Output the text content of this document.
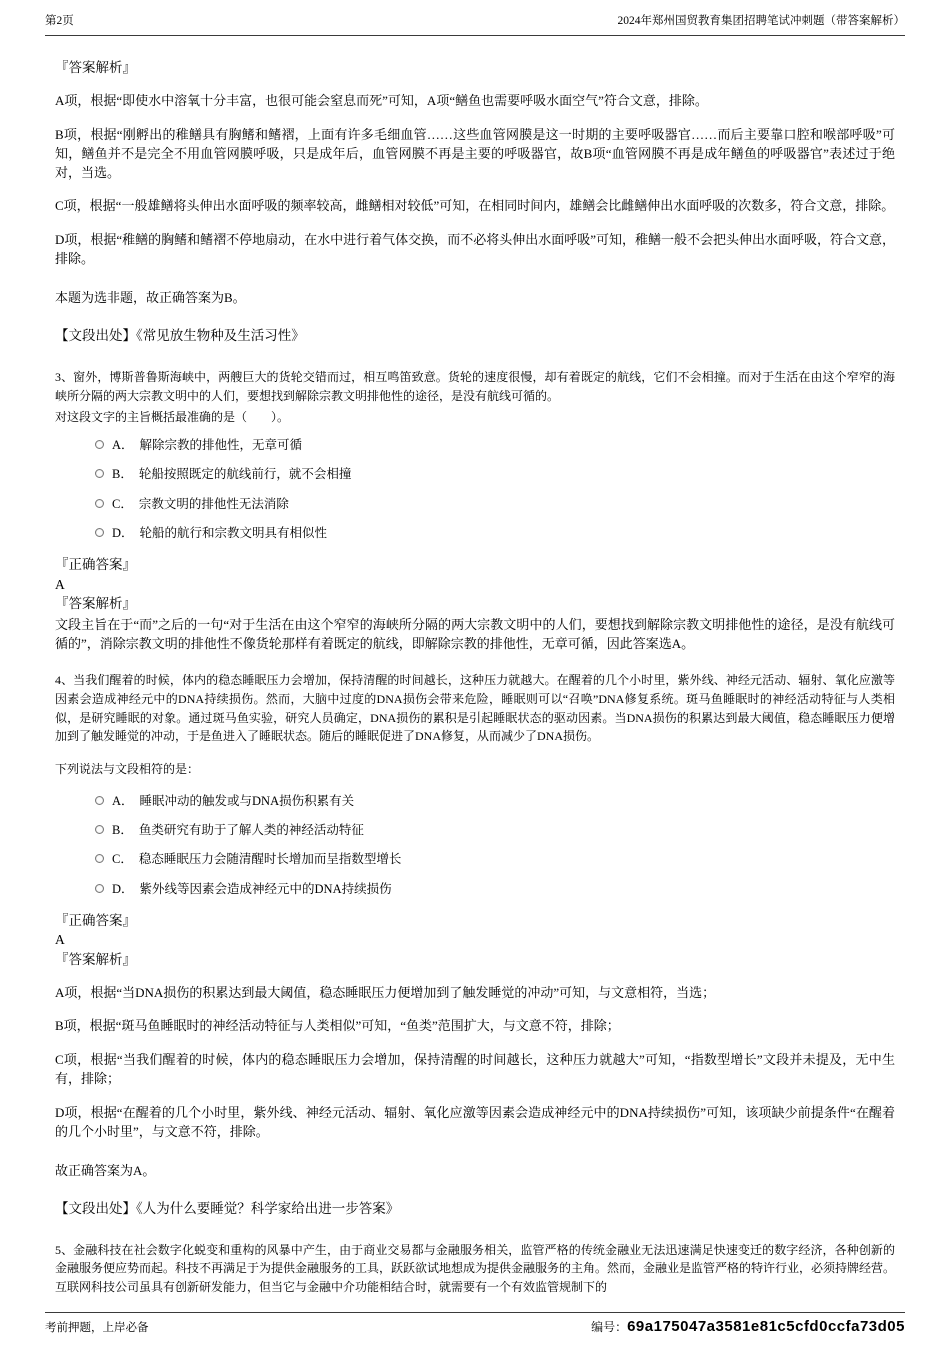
第2页	2024年郑州国贸教育集团招聘笔试冲刺题（带答案解析）

『答案解析』

A项，根据“即使水中溶氧十分丰富，也很可能会窒息而死”可知，A项“鳝鱼也需要呼吸水面空气”符合文意，排除。

B项，根据“刚孵出的稚鳝具有胸鳍和鳍褶，上面有许多毛细血管……这些血管网膜是这一时期的主要呼吸器官……而后主要靠口腔和喉部呼吸”可知，鳝鱼并不是完全不用血管网膜呼吸，只是成年后，血管网膜不再是主要的呼吸器官，故B项“血管网膜不再是成年鳝鱼的呼吸器官”表述过于绝对，当选。

C项，根据“一般雄鳝将头伸出水面呼吸的频率较高，雌鳝相对较低”可知，在相同时间内，雄鳝会比雌鳝伸出水面呼吸的次数多，符合文意，排除。

D项，根据“稚鳝的胸鳍和鳍褶不停地扇动，在水中进行着气体交换，而不必将头伸出水面呼吸”可知，稚鳝一般不会把头伸出水面呼吸，符合文意，排除。

本题为选非题，故正确答案为B。

【文段出处】《常见放生物种及生活习性》

3、窗外，博斯普鲁斯海峡中，两艘巨大的货轮交错而过，相互鸣笛致意。货轮的速度很慢，却有着既定的航线，它们不会相撞。而对于生活在由这个窄窄的海峡所分隔的两大宗教文明中的人们，要想找到解除宗教文明排他性的途径，是没有航线可循的。

对这段文字的主旨概括最准确的是（　　）。

A． 解除宗教的排他性，无章可循
B． 轮船按照既定的航线前行，就不会相撞
C． 宗教文明的排他性无法消除
D． 轮船的航行和宗教文明具有相似性

『正确答案』

A

『答案解析』

文段主旨在于“而”之后的一句“对于生活在由这个窄窄的海峡所分隔的两大宗教文明中的人们，要想找到解除宗教文明排他性的途径，是没有航线可循的”，消除宗教文明的排他性不像货轮那样有着既定的航线，即解除宗教的排他性，无章可循，因此答案选A。

4、当我们醒着的时候，体内的稳态睡眠压力会增加，保持清醒的时间越长，这种压力就越大。在醒着的几个小时里，紫外线、神经元活动、辐射、氧化应激等因素会造成神经元中的DNA持续损伤。然而，大脑中过度的DNA损伤会带来危险，睡眠则可以“召唤”DNA修复系统。斑马鱼睡眠时的神经活动特征与人类相似，是研究睡眠的对象。通过斑马鱼实验，研究人员确定，DNA损伤的累积是引起睡眠状态的驱动因素。当DNA损伤的积累达到最大阈值，稳态睡眠压力便增加到了触发睡觉的冲动，于是鱼进入了睡眠状态。随后的睡眠促进了DNA修复，从而减少了DNA损伤。

下列说法与文段相符的是：

A． 睡眠冲动的触发或与DNA损伤积累有关
B． 鱼类研究有助于了解人类的神经活动特征
C． 稳态睡眠压力会随清醒时长增加而呈指数型增长
D． 紫外线等因素会造成神经元中的DNA持续损伤

『正确答案』

A

『答案解析』

A项，根据“当DNA损伤的积累达到最大阈值，稳态睡眠压力便增加到了触发睡觉的冲动”可知，与文意相符，当选；

B项，根据“斑马鱼睡眠时的神经活动特征与人类相似”可知，“鱼类”范围扩大，与文意不符，排除；

C项，根据“当我们醒着的时候，体内的稳态睡眠压力会增加，保持清醒的时间越长，这种压力就越大”可知，“指数型增长”文段并未提及，无中生有，排除；

D项，根据“在醒着的几个小时里，紫外线、神经元活动、辐射、氧化应激等因素会造成神经元中的DNA持续损伤”可知，该项缺少前提条件“在醒着的几个小时里”，与文意不符，排除。

故正确答案为A。

【文段出处】《人为什么要睡觉？科学家给出进一步答案》

5、金融科技在社会数字化蜕变和重构的风暴中产生，由于商业交易都与金融服务相关，监管严格的传统金融业无法迅速满足快速变迁的数字经济，各种创新的金融服务便应势而起。科技不再满足于为提供金融服务的工具，跃跃欲试地想成为提供金融服务的主角。然而，金融业是监管严格的特许行业，必须持牌经营。互联网科技公司虽具有创新研发能力，但当它与金融中介功能相结合时，就需要有一个有效监管规制下的

考前押题，上岸必备	编号： 69a175047a3581e81c5cfd0ccfa73d05
